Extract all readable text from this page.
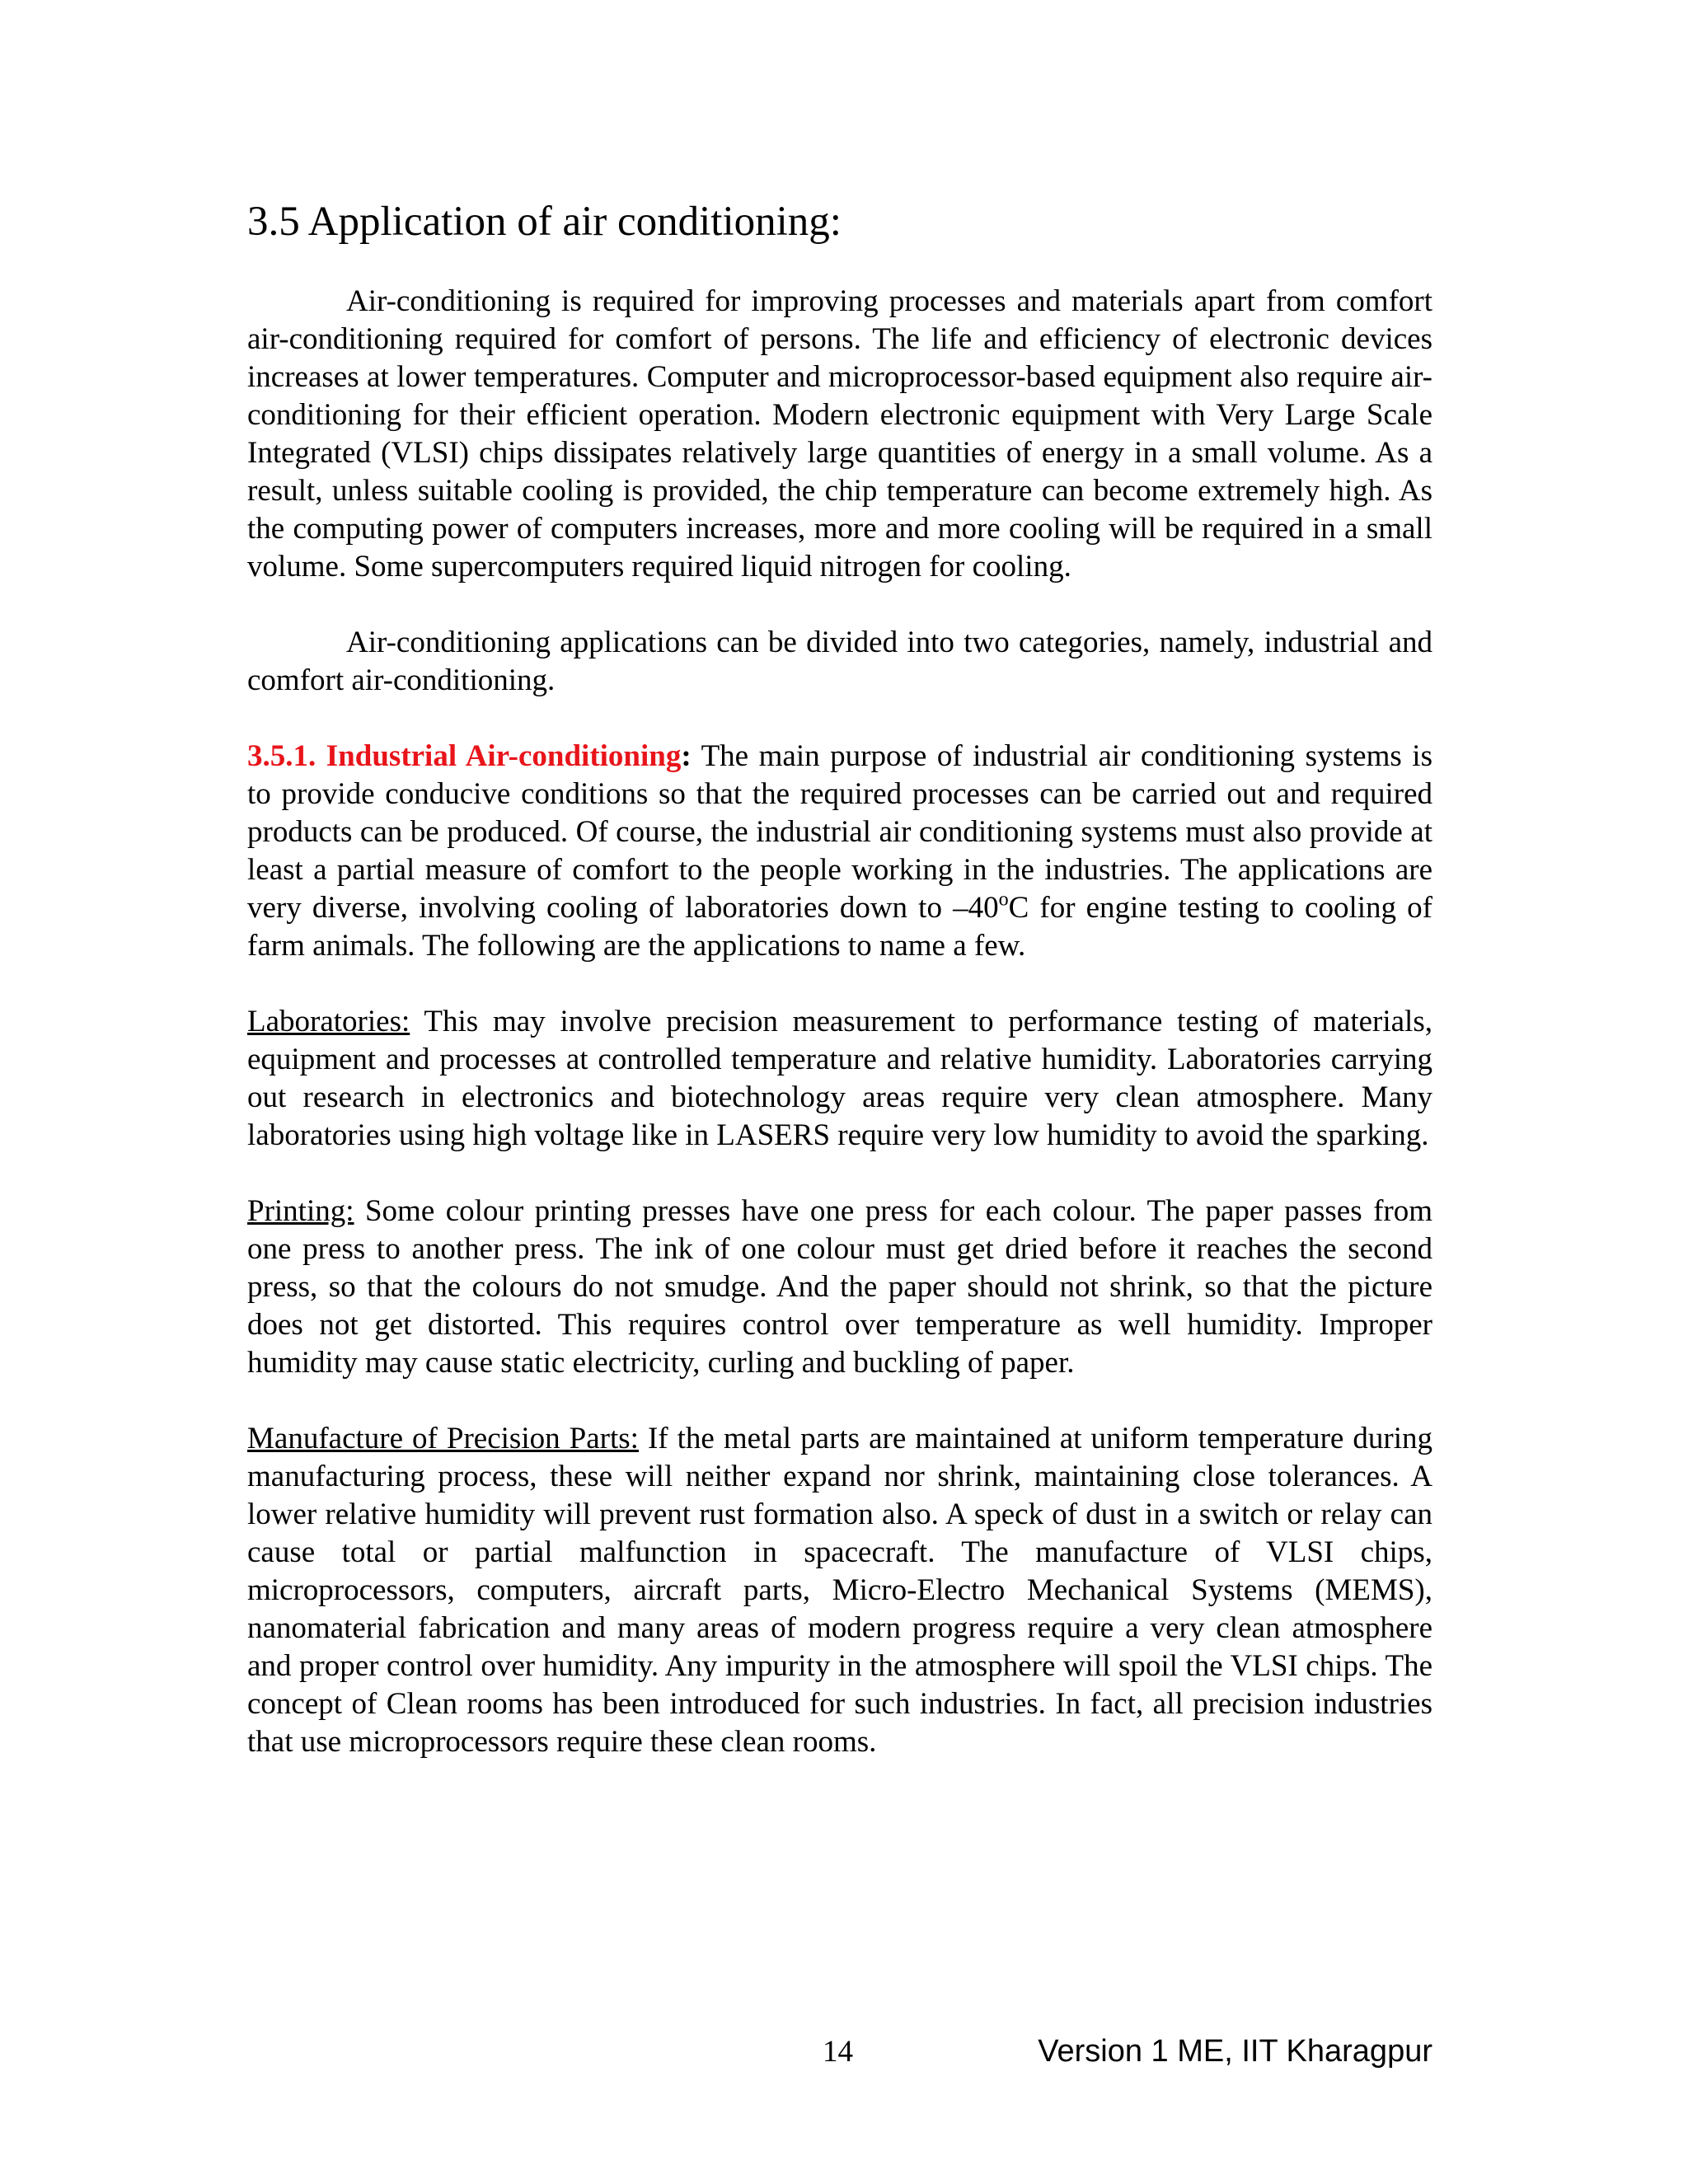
3.5 Application of air conditioning:

Air-conditioning is required for improving processes and materials apart from comfort air-conditioning required for comfort of persons. The life and efficiency of electronic devices increases at lower temperatures. Computer and microprocessor-based equipment also require air-conditioning for their efficient operation. Modern electronic equipment with Very Large Scale Integrated (VLSI) chips dissipates relatively large quantities of energy in a small volume. As a result, unless suitable cooling is provided, the chip temperature can become extremely high. As the computing power of computers increases, more and more cooling will be required in a small volume. Some supercomputers required liquid nitrogen for cooling.

Air-conditioning applications can be divided into two categories, namely, industrial and comfort air-conditioning.

3.5.1. Industrial Air-conditioning: The main purpose of industrial air conditioning systems is to provide conducive conditions so that the required processes can be carried out and required products can be produced. Of course, the industrial air conditioning systems must also provide at least a partial measure of comfort to the people working in the industries. The applications are very diverse, involving cooling of laboratories down to –40$^o$C for engine testing to cooling of farm animals. The following are the applications to name a few.

Laboratories: This may involve precision measurement to performance testing of materials, equipment and processes at controlled temperature and relative humidity. Laboratories carrying out research in electronics and biotechnology areas require very clean atmosphere. Many laboratories using high voltage like in LASERS require very low humidity to avoid the sparking.

Printing: Some colour printing presses have one press for each colour. The paper passes from one press to another press. The ink of one colour must get dried before it reaches the second press, so that the colours do not smudge. And the paper should not shrink, so that the picture does not get distorted. This requires control over temperature as well humidity. Improper humidity may cause static electricity, curling and buckling of paper.

Manufacture of Precision Parts: If the metal parts are maintained at uniform temperature during manufacturing process, these will neither expand nor shrink, maintaining close tolerances. A lower relative humidity will prevent rust formation also. A speck of dust in a switch or relay can cause total or partial malfunction in spacecraft. The manufacture of VLSI chips, microprocessors, computers, aircraft parts, Micro-Electro Mechanical Systems (MEMS), nanomaterial fabrication and many areas of modern progress require a very clean atmosphere and proper control over humidity. Any impurity in the atmosphere will spoil the VLSI chips. The concept of Clean rooms has been introduced for such industries. In fact, all precision industries that use microprocessors require these clean rooms.

14	Version 1 ME, IIT Kharagpur
